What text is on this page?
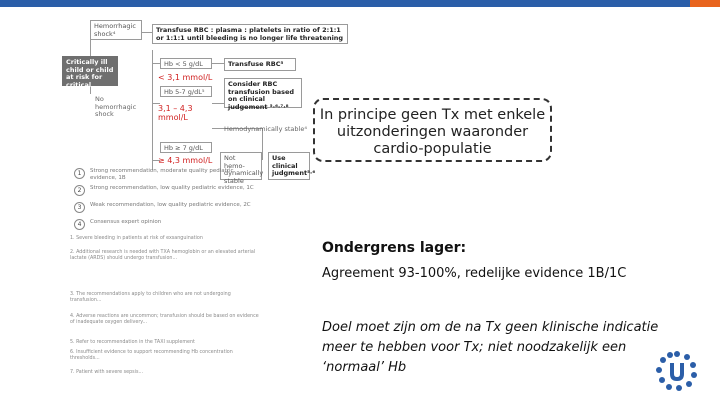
Hemorrhagic shock⁴	Transfuse RBC : plasma : platelets in ratio of 2:1:1 or 1:1:1 until bleeding is no longer life threatening
Critically ill child or child at risk for critical illness
Hb < 5 g/dL
< 3,1 mmol/L
Transfuse RBC⁵
Hb 5-7 g/dL⁵
No hemorrhagic shock
3,1 – 4,3 mmol/L
Consider RBC transfusion based on clinical judgement ⁵·⁶·⁷·⁸
Hemodynamically stable⁴
Hb ≥ 7 g/dL
≥ 4,3 mmol/L	Not hemo-dynamically stable
Use clinical judgment⁵·⁶
1	Strong recommendation, moderate quality pediatric evidence, 1B
2	Strong recommendation, low quality pediatric evidence, 1C
3	Weak recommendation, low quality pediatric evidence, 2C
4	Consensus expert opinion
1. Severe bleeding in patients at risk of exsanguination
2. Additional research is needed with TXA hemoglobin or an elevated arterial lactate (ARDS) should undergo transfusion...
3. The recommendations apply to children who are not undergoing transfusion...
4. Adverse reactions are uncommon; transfusion should be based on evidence of inadequate oxygen delivery...
5. Refer to recommendation in the TAXI supplement
6. Insufficient evidence to support recommending Hb concentration thresholds...
7. Patient with severe sepsis...
In principe geen Tx met enkele uitzonderingen waaronder cardio-populatie
Ondergrens lager:
Agreement 93-100%, redelijke evidence 1B/1C
Doel moet zijn om de na Tx geen klinische indicatie meer te hebben voor Tx; niet noodzakelijk een ‘normaal’ Hb
